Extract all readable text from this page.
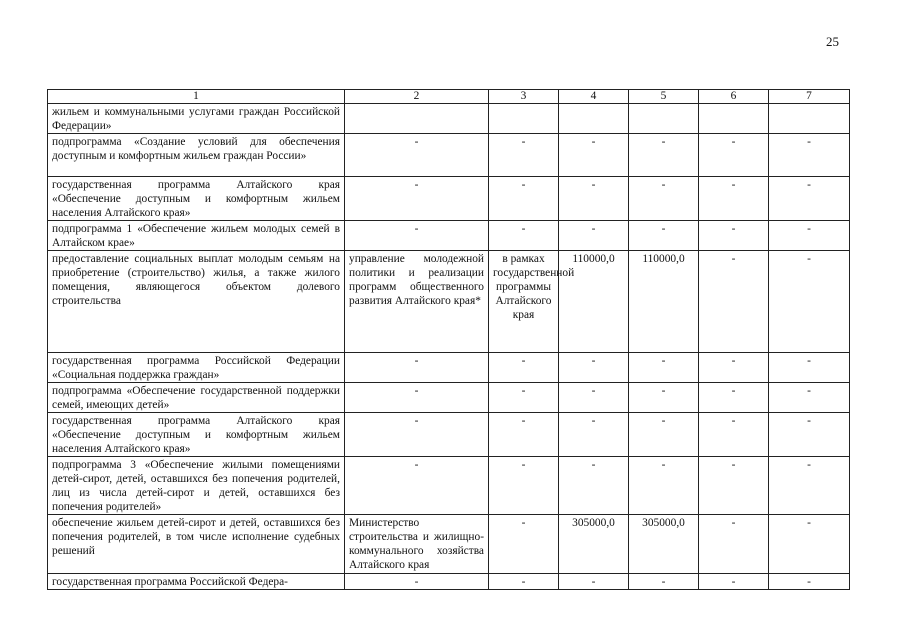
25
1	2	3	4	5	6	7
жильем и коммунальными услугами граждан Российской Федерации»						
подпрограмма «Создание условий для обеспечения доступным и комфортным жильем граждан России»	-	-	-	-	-	-
государственная программа Алтайского края «Обеспечение доступным и комфортным жильем населения Алтайского края»	-	-	-	-	-	-
подпрограмма 1 «Обеспечение жильем молодых семей в Алтайском крае»	-	-	-	-	-	-
предоставление социальных выплат молодым семьям на приобретение (строительство) жилья, а также жилого помещения, являющегося объектом долевого строительства	управление молодежной политики и реализации программ общественного развития Алтайского края*	в рамках государственной программы Алтайского края	110000,0	110000,0	-	-
государственная программа Российской Федерации «Социальная поддержка граждан»	-	-	-	-	-	-
подпрограмма «Обеспечение государственной поддержки семей, имеющих детей»	-	-	-	-	-	-
государственная программа Алтайского края «Обеспечение доступным и комфортным жильем населения Алтайского края»	-	-	-	-	-	-
подпрограмма 3 «Обеспечение жилыми помещениями детей-сирот, детей, оставшихся без попечения родителей, лиц из числа детей-сирот и детей, оставшихся без попечения родителей»	-	-	-	-	-	-
обеспечение жильем детей-сирот и детей, оставшихся без попечения родителей, в том числе исполнение судебных решений	Министерство строительства и жилищно-коммунального хозяйства Алтайского края	-	305000,0	305000,0	-	-
государственная программа Российской Федера-	-	-	-	-	-	-
